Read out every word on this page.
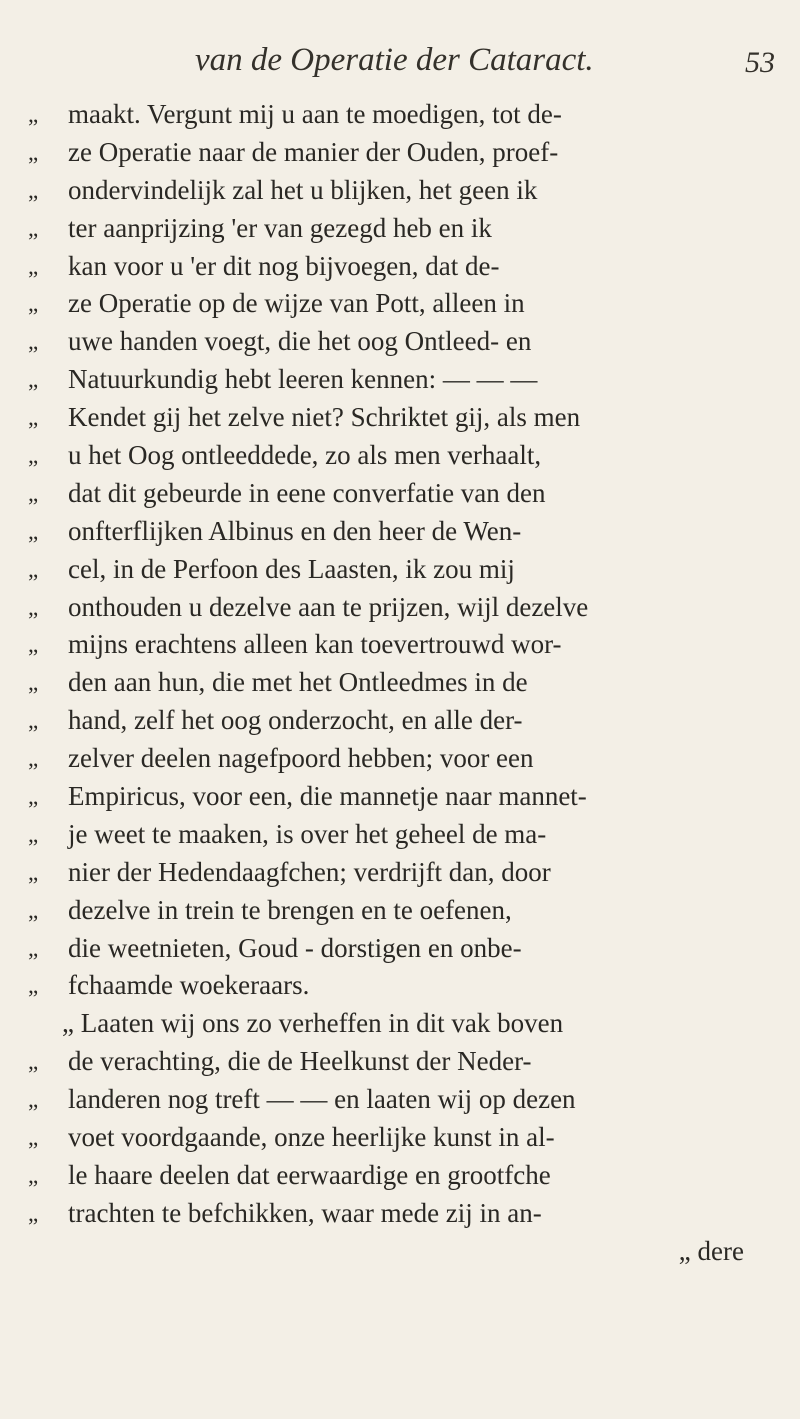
van de Operatie der Cataract.	53
„	maakt. Vergunt mij u aan te moedigen, tot de-
„	ze Operatie naar de manier der Ouden, proef-
„	ondervindelijk zal het u blijken, het geen ik
„	ter aanprijzing 'er van gezegd heb en ik
„	kan voor u 'er dit nog bijvoegen, dat de-
„	ze Operatie op de wijze van Pott, alleen in
„	uwe handen voegt, die het oog Ontleed- en
„	Natuurkundig hebt leeren kennen: — — —
„	Kendet gij het zelve niet? Schriktet gij, als men
„	u het Oog ontleeddede, zo als men verhaalt,
„	dat dit gebeurde in eene converfatie van den
„	onfterflijken Albinus en den heer de Wen-
„	cel, in de Perfoon des Laasten, ik zou mij
„	onthouden u dezelve aan te prijzen, wijl dezelve
„	mijns erachtens alleen kan toevertrouwd wor-
„	den aan hun, die met het Ontleedmes in de
„	hand, zelf het oog onderzocht, en alle der-
„	zelver deelen nagefpoord hebben; voor een
„	Empiricus, voor een, die mannetje naar mannet-
„	je weet te maaken, is over het geheel de ma-
„	nier der Hedendaagfchen; verdrijft dan, door
„	dezelve in trein te brengen en te oefenen,
„	die weetnieten, Goud - dorstigen en onbe-
„	fchaamde woekeraars.
„ Laaten wij ons zo verheffen in dit vak boven
„	de verachting, die de Heelkunst der Neder-
„	landeren nog treft — — en laaten wij op dezen
„	voet voordgaande, onze heerlijke kunst in al-
„	le haare deelen dat eerwaardige en grootfche
„	trachten te befchikken, waar mede zij in an-
„ dere
